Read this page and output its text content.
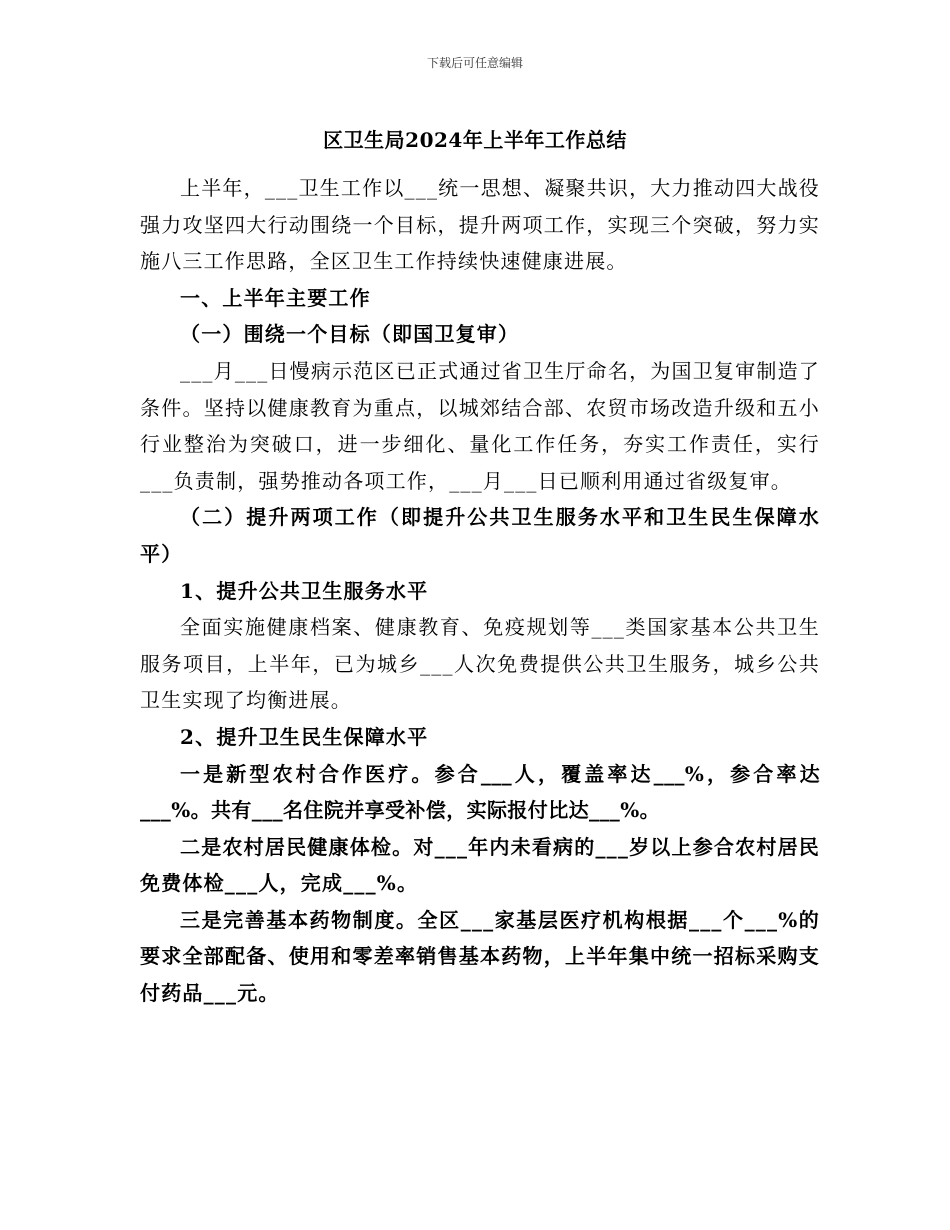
下载后可任意编辑
区卫生局2024年上半年工作总结

上半年，___卫生工作以___统一思想、凝聚共识，大力推动四大战役强力攻坚四大行动围绕一个目标，提升两项工作，实现三个突破，努力实施八三工作思路，全区卫生工作持续快速健康进展。

一、上半年主要工作

（一）围绕一个目标（即国卫复审）

___月___日慢病示范区已正式通过省卫生厅命名，为国卫复审制造了条件。坚持以健康教育为重点，以城郊结合部、农贸市场改造升级和五小行业整治为突破口，进一步细化、量化工作任务，夯实工作责任，实行___负责制，强势推动各项工作，___月___日已顺利用通过省级复审。

（二）提升两项工作（即提升公共卫生服务水平和卫生民生保障水平）

1、提升公共卫生服务水平

全面实施健康档案、健康教育、免疫规划等___类国家基本公共卫生服务项目，上半年，已为城乡___人次免费提供公共卫生服务，城乡公共卫生实现了均衡进展。

2、提升卫生民生保障水平

一是新型农村合作医疗。参合___人，覆盖率达___%，参合率达___%。共有___名住院并享受补偿，实际报付比达___%。

二是农村居民健康体检。对___年内未看病的___岁以上参合农村居民免费体检___人，完成___%。

三是完善基本药物制度。全区___家基层医疗机构根据___个___%的要求全部配备、使用和零差率销售基本药物，上半年集中统一招标采购支付药品___元。
